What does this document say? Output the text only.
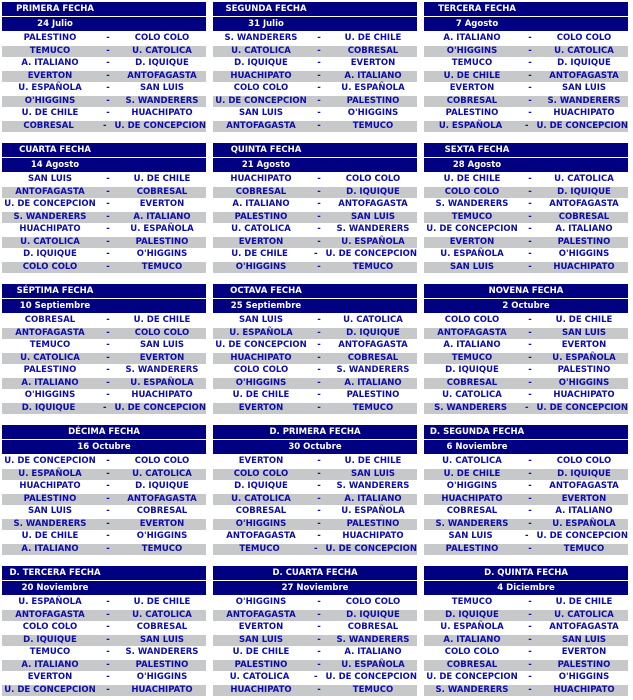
PRIMERA FECHA
24 Julio
PALESTINO	-	COLO COLO
TEMUCO	-	U. CATOLICA
A. ITALIANO	-	D. IQUIQUE
EVERTON	-	ANTOFAGASTA
U. ESPAÑOLA	-	SAN LUIS
O'HIGGINS	-	S. WANDERERS
U. DE CHILE	-	HUACHIPATO
COBRESAL	- U. DE CONCEPCION
SEGUNDA FECHA
31 Julio
S. WANDERERS	-	U. DE CHILE
U. CATOLICA	-	COBRESAL
D. IQUIQUE	-	EVERTON
HUACHIPATO	-	A. ITALIANO
COLO COLO	-	U. ESPAÑOLA
U. DE CONCEPCION	-	PALESTINO
SAN LUIS	-	O'HIGGINS
ANTOFAGASTA	-	TEMUCO
TERCERA FECHA
7 Agosto
A. ITALIANO	-	COLO COLO
O'HIGGINS	-	U. CATOLICA
TEMUCO	-	D. IQUIQUE
U. DE CHILE	-	ANTOFAGASTA
EVERTON	-	SAN LUIS
COBRESAL	-	S. WANDERERS
PALESTINO	-	HUACHIPATO
U. ESPAÑOLA	- U. DE CONCEPCION
CUARTA FECHA
14 Agosto
SAN LUIS	-	U. DE CHILE
ANTOFAGASTA	-	COBRESAL
U. DE CONCEPCION	-	EVERTON
S. WANDERERS	-	A. ITALIANO
HUACHIPATO	-	U. ESPAÑOLA
U. CATOLICA	-	PALESTINO
D. IQUIQUE	-	O'HIGGINS
COLO COLO	-	TEMUCO
QUINTA FECHA
21 Agosto
HUACHIPATO	-	COLO COLO
COBRESAL	-	D. IQUIQUE
A. ITALIANO	-	ANTOFAGASTA
PALESTINO	-	SAN LUIS
U. CATOLICA	-	S. WANDERERS
EVERTON	-	U. ESPAÑOLA
U. DE CHILE	- U. DE CONCEPCION
O'HIGGINS	-	TEMUCO
SEXTA FECHA
28 Agosto
U. DE CHILE	-	U. CATOLICA
COLO COLO	-	D. IQUIQUE
S. WANDERERS	-	ANTOFAGASTA
TEMUCO	-	COBRESAL
U. DE CONCEPCION	-	A. ITALIANO
EVERTON	-	PALESTINO
U. ESPAÑOLA	-	O'HIGGINS
SAN LUIS	-	HUACHIPATO
SÉPTIMA FECHA
10 Septiembre
COBRESAL	-	U. DE CHILE
ANTOFAGASTA	-	COLO COLO
TEMUCO	-	SAN LUIS
U. CATOLICA	-	EVERTON
PALESTINO	-	S. WANDERERS
A. ITALIANO	-	U. ESPAÑOLA
O'HIGGINS	-	HUACHIPATO
D. IQUIQUE	- U. DE CONCEPCION
OCTAVA FECHA
25 Septiembre
SAN LUIS	-	U. CATOLICA
U. ESPAÑOLA	-	D. IQUIQUE
U. DE CONCEPCION	-	ANTOFAGASTA
HUACHIPATO	-	COBRESAL
COLO COLO	-	S. WANDERERS
O'HIGGINS	-	A. ITALIANO
U. DE CHILE	-	PALESTINO
EVERTON	-	TEMUCO
NOVENA FECHA
2 Octubre
COLO COLO	-	U. DE CHILE
ANTOFAGASTA	-	SAN LUIS
A. ITALIANO	-	EVERTON
TEMUCO	-	U. ESPAÑOLA
D. IQUIQUE	-	PALESTINO
COBRESAL	-	O'HIGGINS
U. CATOLICA	-	HUACHIPATO
S. WANDERERS	- U. DE CONCEPCION
DÉCIMA FECHA
16 Octubre
U. DE CONCEPCION	-	COLO COLO
U. ESPAÑOLA	-	U. CATOLICA
HUACHIPATO	-	D. IQUIQUE
PALESTINO	-	ANTOFAGASTA
SAN LUIS	-	COBRESAL
S. WANDERERS	-	EVERTON
U. DE CHILE	-	O'HIGGINS
A. ITALIANO	-	TEMUCO
D. PRIMERA FECHA
30 Octubre
EVERTON	-	U. DE CHILE
COLO COLO	-	SAN LUIS
D. IQUIQUE	-	S. WANDERERS
U. CATOLICA	-	A. ITALIANO
COBRESAL	-	U. ESPAÑOLA
O'HIGGINS	-	PALESTINO
ANTOFAGASTA	-	HUACHIPATO
TEMUCO	- U. DE CONCEPCION
D. SEGUNDA FECHA
6 Noviembre
U. CATOLICA	-	COLO COLO
U. DE CHILE	-	D. IQUIQUE
O'HIGGINS	-	ANTOFAGASTA
HUACHIPATO	-	EVERTON
COBRESAL	-	A. ITALIANO
S. WANDERERS	-	U. ESPAÑOLA
SAN LUIS	- U. DE CONCEPCION
PALESTINO	-	TEMUCO
D. TERCERA FECHA
20 Noviembre
U. ESPAÑOLA	-	U. DE CHILE
ANTOFAGASTA	-	U. CATOLICA
COLO COLO	-	COBRESAL
D. IQUIQUE	-	SAN LUIS
TEMUCO	-	S. WANDERERS
A. ITALIANO	-	PALESTINO
EVERTON	-	O'HIGGINS
U. DE CONCEPCION	-	HUACHIPATO
D. CUARTA FECHA
27 Noviembre
O'HIGGINS	-	COLO COLO
ANTOFAGASTA	-	D. IQUIQUE
EVERTON	-	COBRESAL
SAN LUIS	-	S. WANDERERS
U. DE CHILE	-	A. ITALIANO
PALESTINO	-	U. ESPAÑOLA
U. CATOLICA	- U. DE CONCEPCION
HUACHIPATO	-	TEMUCO
D. QUINTA FECHA
4 Diciembre
TEMUCO	-	U. DE CHILE
D. IQUIQUE	-	U. CATOLICA
U. ESPAÑOLA	-	ANTOFAGASTA
A. ITALIANO	-	SAN LUIS
COLO COLO	-	EVERTON
COBRESAL	-	PALESTINO
U. DE CONCEPCION	-	O'HIGGINS
S. WANDERERS	-	HUACHIPATO
